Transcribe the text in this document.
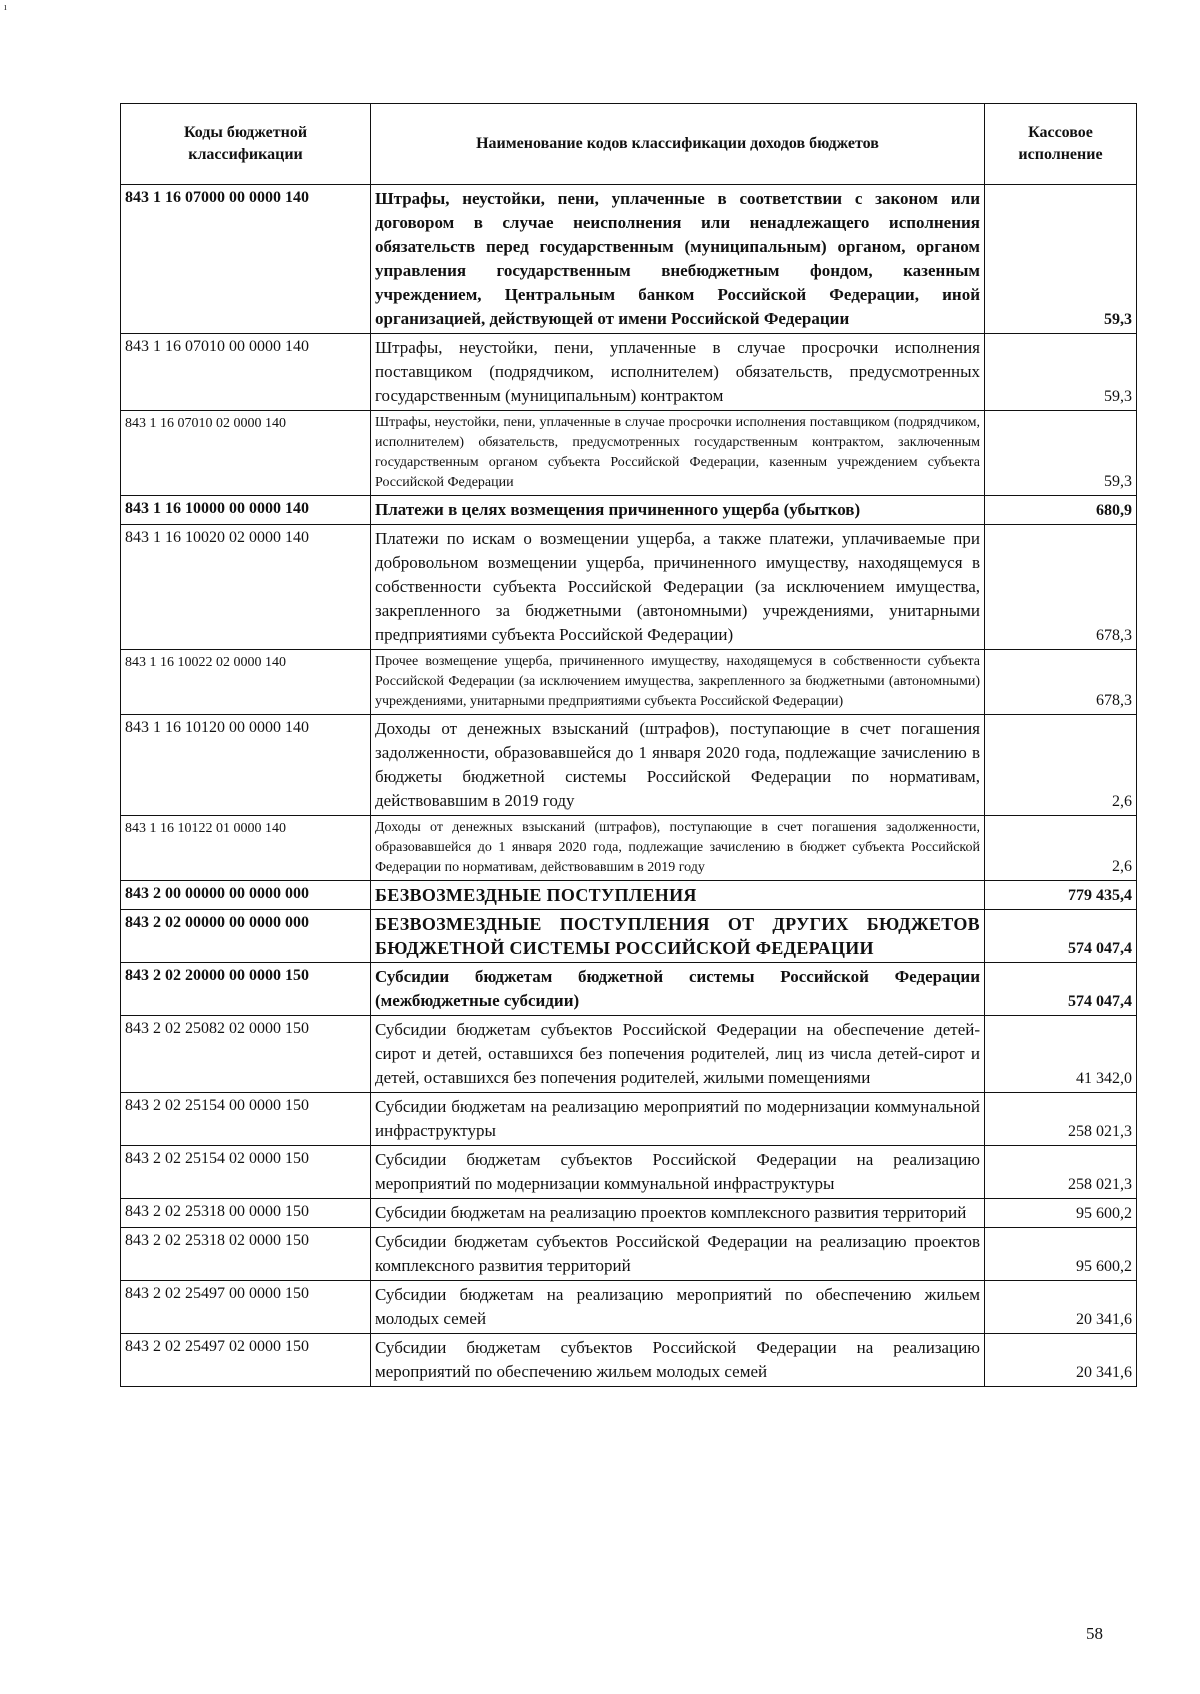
ı
Коды бюджетной классификации	Наименование кодов классификации доходов бюджетов	Кассовое исполнение
843 1 16 07000 00 0000 140	Штрафы, неустойки, пени, уплаченные в соответствии с законом или договором в случае неисполнения или ненадлежащего исполнения обязательств перед государственным (муниципальным) органом, органом управления государственным внебюджетным фондом, казенным учреждением, Центральным банком Российской Федерации, иной организацией, действующей от имени Российской Федерации	59,3
843 1 16 07010 00 0000 140	Штрафы, неустойки, пени, уплаченные в случае просрочки исполнения поставщиком (подрядчиком, исполнителем) обязательств, предусмотренных государственным (муниципальным) контрактом	59,3
843 1 16 07010 02 0000 140	Штрафы, неустойки, пени, уплаченные в случае просрочки исполнения поставщиком (подрядчиком, исполнителем) обязательств, предусмотренных государственным контрактом, заключенным государственным органом субъекта Российской Федерации, казенным учреждением субъекта Российской Федерации	59,3
843 1 16 10000 00 0000 140	Платежи в целях возмещения причиненного ущерба (убытков)	680,9
843 1 16 10020 02 0000 140	Платежи по искам о возмещении ущерба, а также платежи, уплачиваемые при добровольном возмещении ущерба, причиненного имуществу, находящемуся в собственности субъекта Российской Федерации (за исключением имущества, закрепленного за бюджетными (автономными) учреждениями, унитарными предприятиями субъекта Российской Федерации)	678,3
843 1 16 10022 02 0000 140	Прочее возмещение ущерба, причиненного имуществу, находящемуся в собственности субъекта Российской Федерации (за исключением имущества, закрепленного за бюджетными (автономными) учреждениями, унитарными предприятиями субъекта Российской Федерации)	678,3
843 1 16 10120 00 0000 140	Доходы от денежных взысканий (штрафов), поступающие в счет погашения задолженности, образовавшейся до 1 января 2020 года, подлежащие зачислению в бюджеты бюджетной системы Российской Федерации по нормативам, действовавшим в 2019 году	2,6
843 1 16 10122 01 0000 140	Доходы от денежных взысканий (штрафов), поступающие в счет погашения задолженности, образовавшейся до 1 января 2020 года, подлежащие зачислению в бюджет субъекта Российской Федерации по нормативам, действовавшим в 2019 году	2,6
843 2 00 00000 00 0000 000	БЕЗВОЗМЕЗДНЫЕ ПОСТУПЛЕНИЯ	779 435,4
843 2 02 00000 00 0000 000	БЕЗВОЗМЕЗДНЫЕ ПОСТУПЛЕНИЯ ОТ ДРУГИХ БЮДЖЕТОВ БЮДЖЕТНОЙ СИСТЕМЫ РОССИЙСКОЙ ФЕДЕРАЦИИ	574 047,4
843 2 02 20000 00 0000 150	Субсидии бюджетам бюджетной системы Российской Федерации (межбюджетные субсидии)	574 047,4
843 2 02 25082 02 0000 150	Субсидии бюджетам субъектов Российской Федерации на обеспечение детей-сирот и детей, оставшихся без попечения родителей, лиц из числа детей-сирот и детей, оставшихся без попечения родителей, жилыми помещениями	41 342,0
843 2 02 25154 00 0000 150	Субсидии бюджетам на реализацию мероприятий по модернизации коммунальной инфраструктуры	258 021,3
843 2 02 25154 02 0000 150	Субсидии бюджетам субъектов Российской Федерации на реализацию мероприятий по модернизации коммунальной инфраструктуры	258 021,3
843 2 02 25318 00 0000 150	Субсидии бюджетам на реализацию проектов комплексного развития территорий	95 600,2
843 2 02 25318 02 0000 150	Субсидии бюджетам субъектов Российской Федерации на реализацию проектов комплексного развития территорий	95 600,2
843 2 02 25497 00 0000 150	Субсидии бюджетам на реализацию мероприятий по обеспечению жильем молодых семей	20 341,6
843 2 02 25497 02 0000 150	Субсидии бюджетам субъектов Российской Федерации на реализацию мероприятий по обеспечению жильем молодых семей	20 341,6
58
